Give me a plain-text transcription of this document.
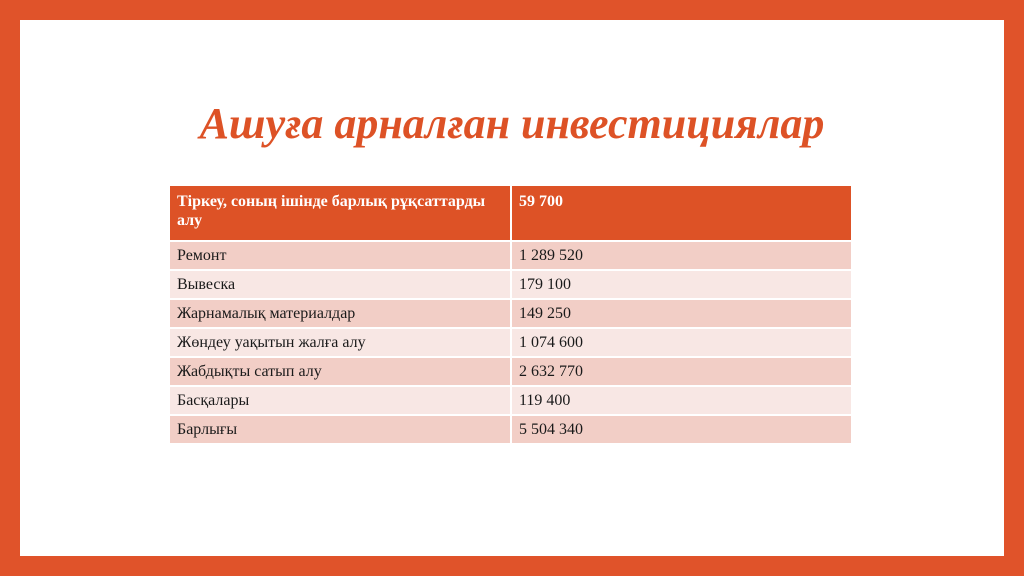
Ашуға арналған инвестициялар
Тіркеу, соның ішінде барлық рұқсаттарды алу	59 700
Ремонт	1 289 520
Вывеска	179 100
Жарнамалық материалдар	149 250
Жөндеу уақытын жалға алу	1 074 600
Жабдықты сатып алу	2 632 770
Басқалары	119 400
Барлығы	5 504 340
